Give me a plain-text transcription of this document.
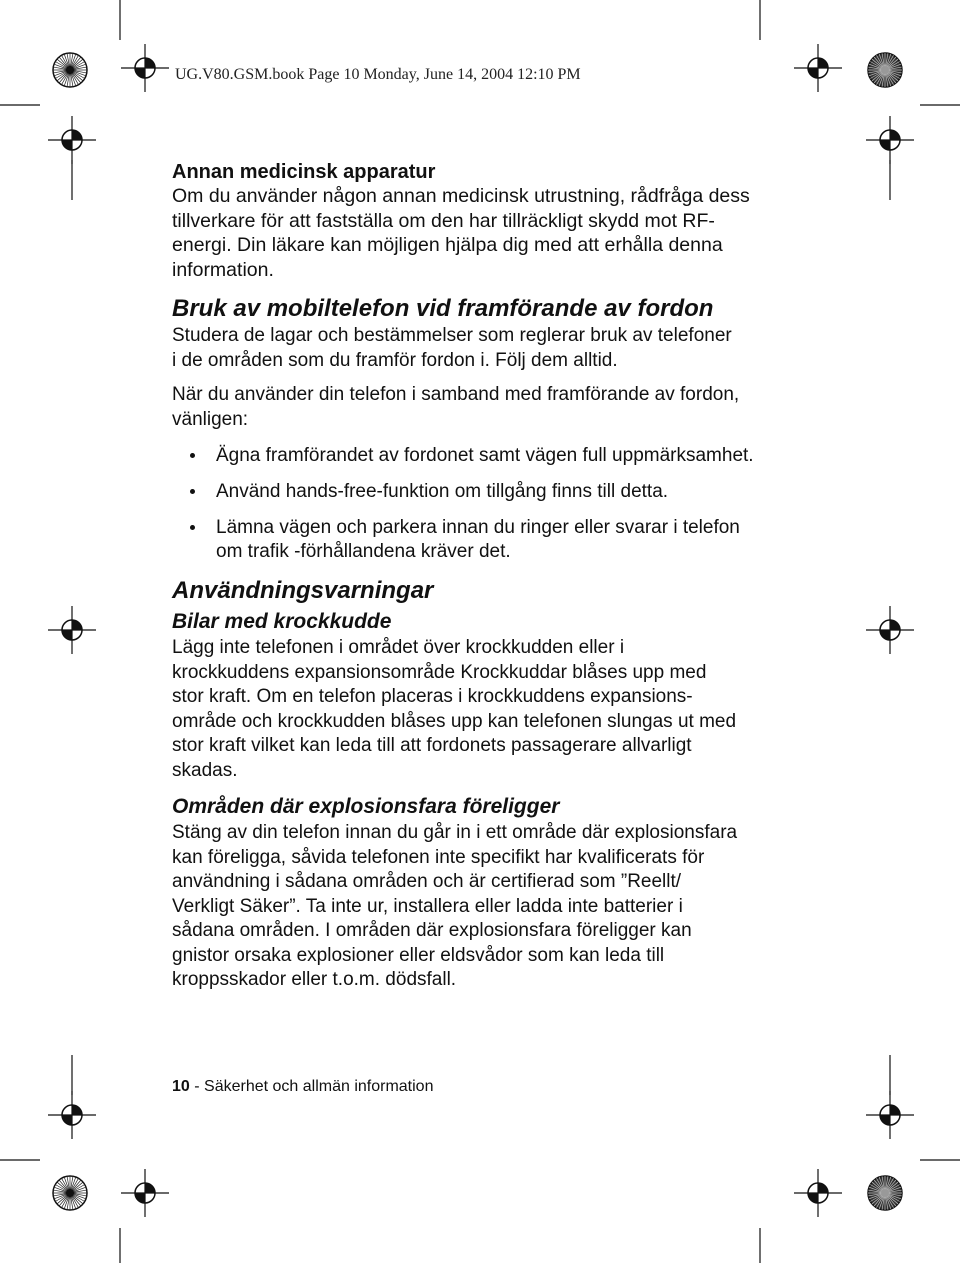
UG.V80.GSM.book Page 10 Monday, June 14, 2004 12:10 PM

Annan medicinsk apparatur

Om du använder någon annan medicinsk utrustning, rådfråga dess

tillverkare för att fastställa om den har tillräckligt skydd mot RF-

energi. Din läkare kan möjligen hjälpa dig med att erhålla denna

information.

Bruk av mobiltelefon vid framförande av fordon

Studera de lagar och bestämmelser som reglerar bruk av telefoner

i de områden som du framför fordon i. Följ dem alltid.

När du använder din telefon i samband med framförande av fordon,

vänligen:

Ägna framförandet av fordonet samt vägen full uppmärksamhet.
Använd hands-free-funktion om tillgång finns till detta.
Lämna vägen och parkera innan du ringer eller svarar i telefon
om trafik -förhållandena kräver det.

Användningsvarningar

Bilar med krockkudde

Lägg inte telefonen i området över krockkudden eller i

krockkuddens expansionsområde Krockkuddar blåses upp med

stor kraft. Om en telefon placeras i krockkuddens expansions-

område och krockkudden blåses upp kan telefonen slungas ut med

stor kraft vilket kan leda till att fordonets passagerare allvarligt

skadas.

Områden där explosionsfara föreligger

Stäng av din telefon innan du går in i ett område där explosionsfara

kan föreligga, såvida telefonen inte specifikt har kvalificerats för

användning i sådana områden och är certifierad som ”Reellt/

Verkligt Säker”. Ta inte ur, installera eller ladda inte batterier i

sådana områden. I områden där explosionsfara föreligger kan

gnistor orsaka explosioner eller eldsvådor som kan leda till

kroppsskador eller t.o.m. dödsfall.

10 - Säkerhet och allmän information
